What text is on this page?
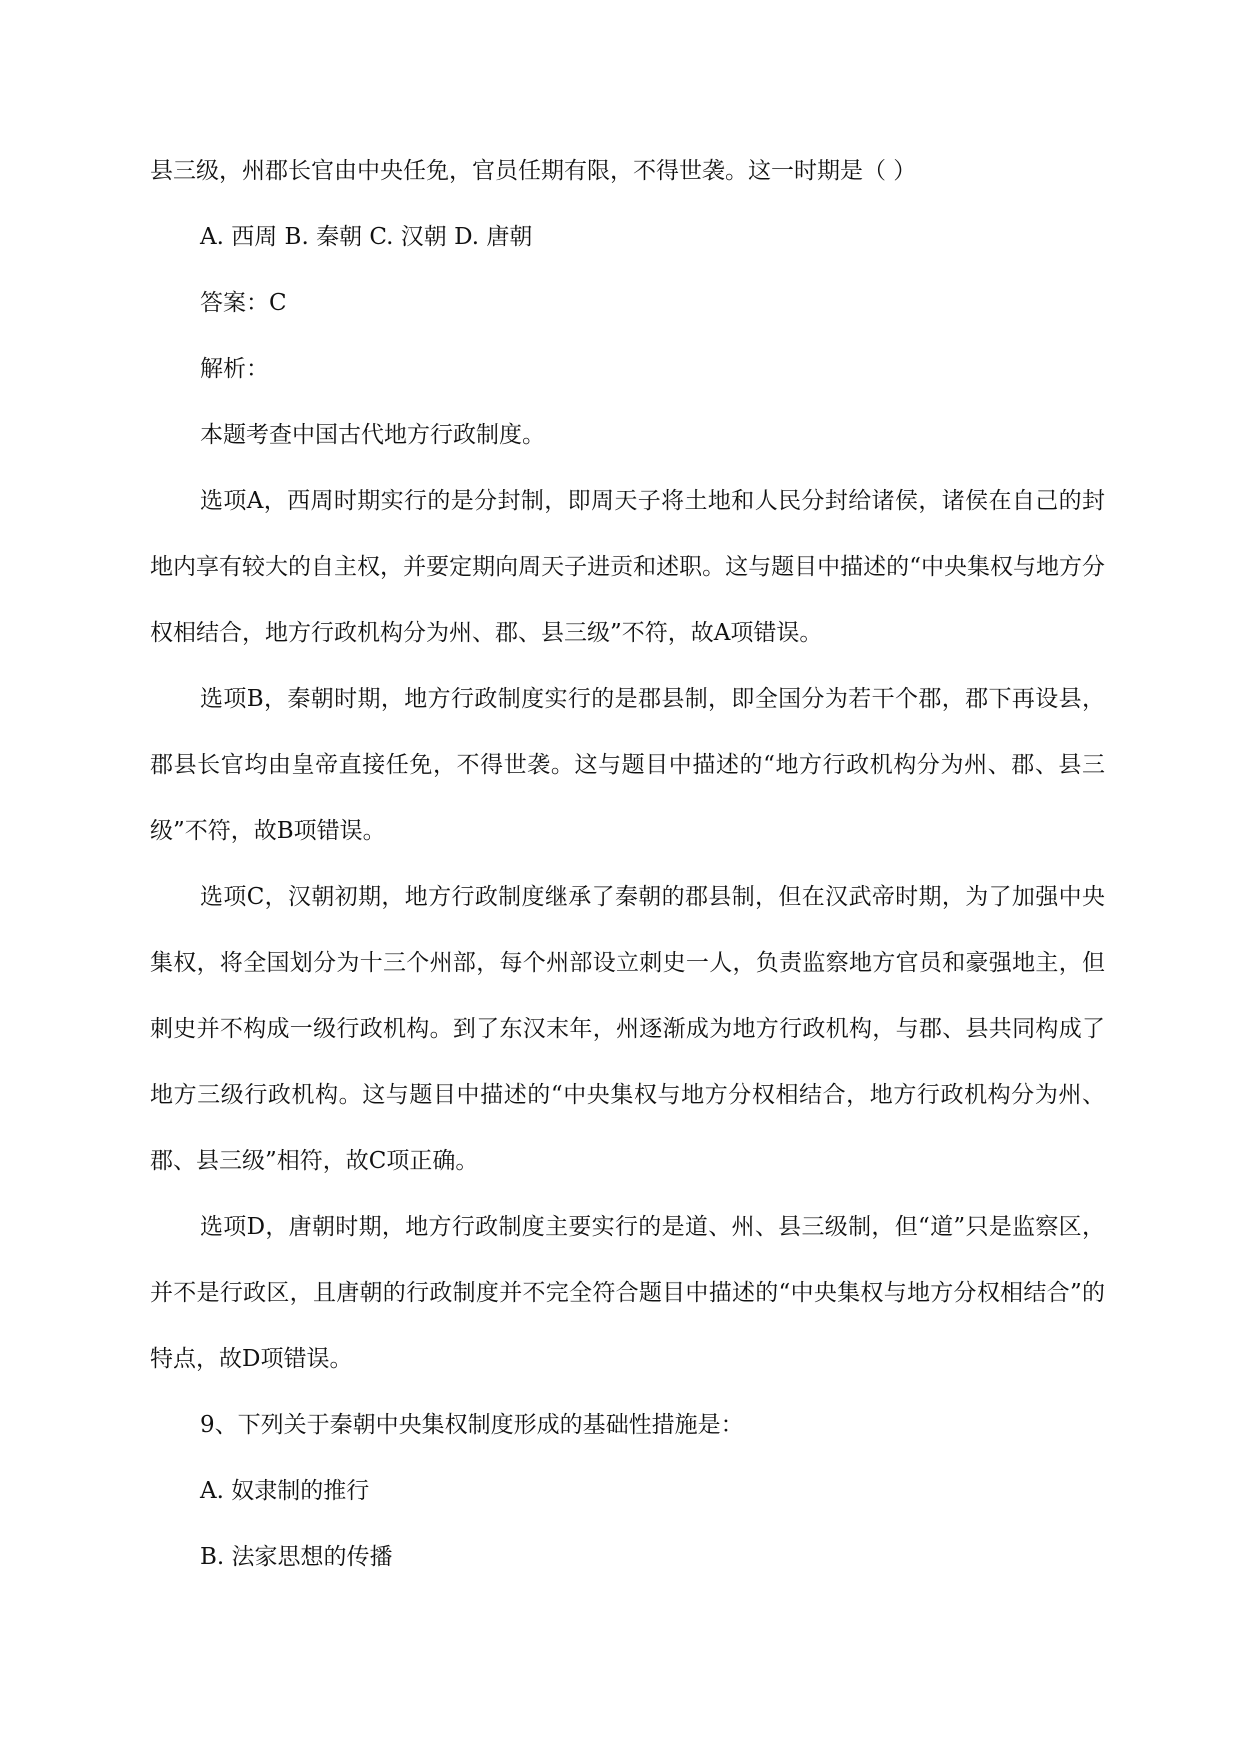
县三级，州郡长官由中央任免，官员任期有限，不得世袭。这一时期是（ ）

A. 西周 B. 秦朝 C. 汉朝 D. 唐朝

答案：C

解析：

本题考查中国古代地方行政制度。

选项A，西周时期实行的是分封制，即周天子将土地和人民分封给诸侯，诸侯在自己的封地内享有较大的自主权，并要定期向周天子进贡和述职。这与题目中描述的“中央集权与地方分权相结合，地方行政机构分为州、郡、县三级”不符，故A项错误。

选项B，秦朝时期，地方行政制度实行的是郡县制，即全国分为若干个郡，郡下再设县，郡县长官均由皇帝直接任免，不得世袭。这与题目中描述的“地方行政机构分为州、郡、县三级”不符，故B项错误。

选项C，汉朝初期，地方行政制度继承了秦朝的郡县制，但在汉武帝时期，为了加强中央集权，将全国划分为十三个州部，每个州部设立刺史一人，负责监察地方官员和豪强地主，但刺史并不构成一级行政机构。到了东汉末年，州逐渐成为地方行政机构，与郡、县共同构成了地方三级行政机构。这与题目中描述的“中央集权与地方分权相结合，地方行政机构分为州、郡、县三级”相符，故C项正确。

选项D，唐朝时期，地方行政制度主要实行的是道、州、县三级制，但“道”只是监察区，并不是行政区，且唐朝的行政制度并不完全符合题目中描述的“中央集权与地方分权相结合”的特点，故D项错误。

9、下列关于秦朝中央集权制度形成的基础性措施是：

A. 奴隶制的推行

B. 法家思想的传播
